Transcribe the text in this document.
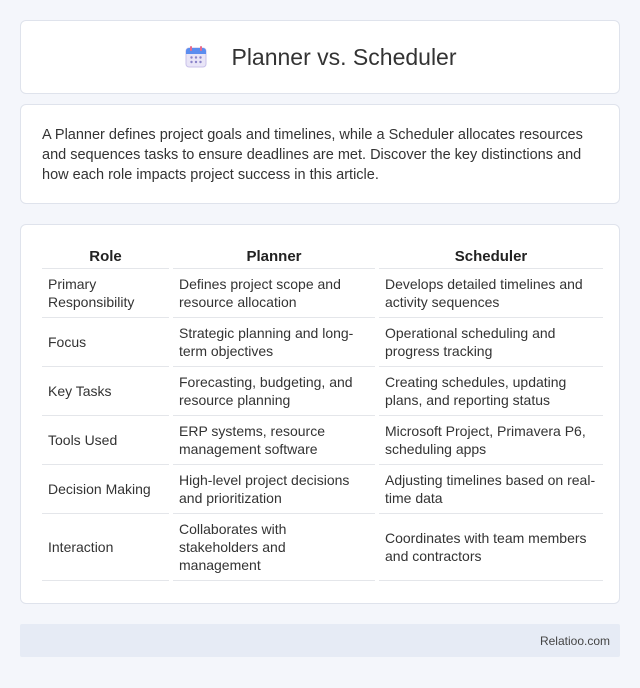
Planner vs. Scheduler

A Planner defines project goals and timelines, while a Scheduler allocates resources and sequences tasks to ensure deadlines are met. Discover the key distinctions and how each role impacts project success in this article.

Role	Planner	Scheduler
Primary Responsibility	Defines project scope and resource allocation	Develops detailed timelines and activity sequences
Focus	Strategic planning and long-term objectives	Operational scheduling and progress tracking
Key Tasks	Forecasting, budgeting, and resource planning	Creating schedules, updating plans, and reporting status
Tools Used	ERP systems, resource management software	Microsoft Project, Primavera P6, scheduling apps
Decision Making	High-level project decisions and prioritization	Adjusting timelines based on real-time data
Interaction	Collaborates with stakeholders and management	Coordinates with team members and contractors
Relatioo.com
